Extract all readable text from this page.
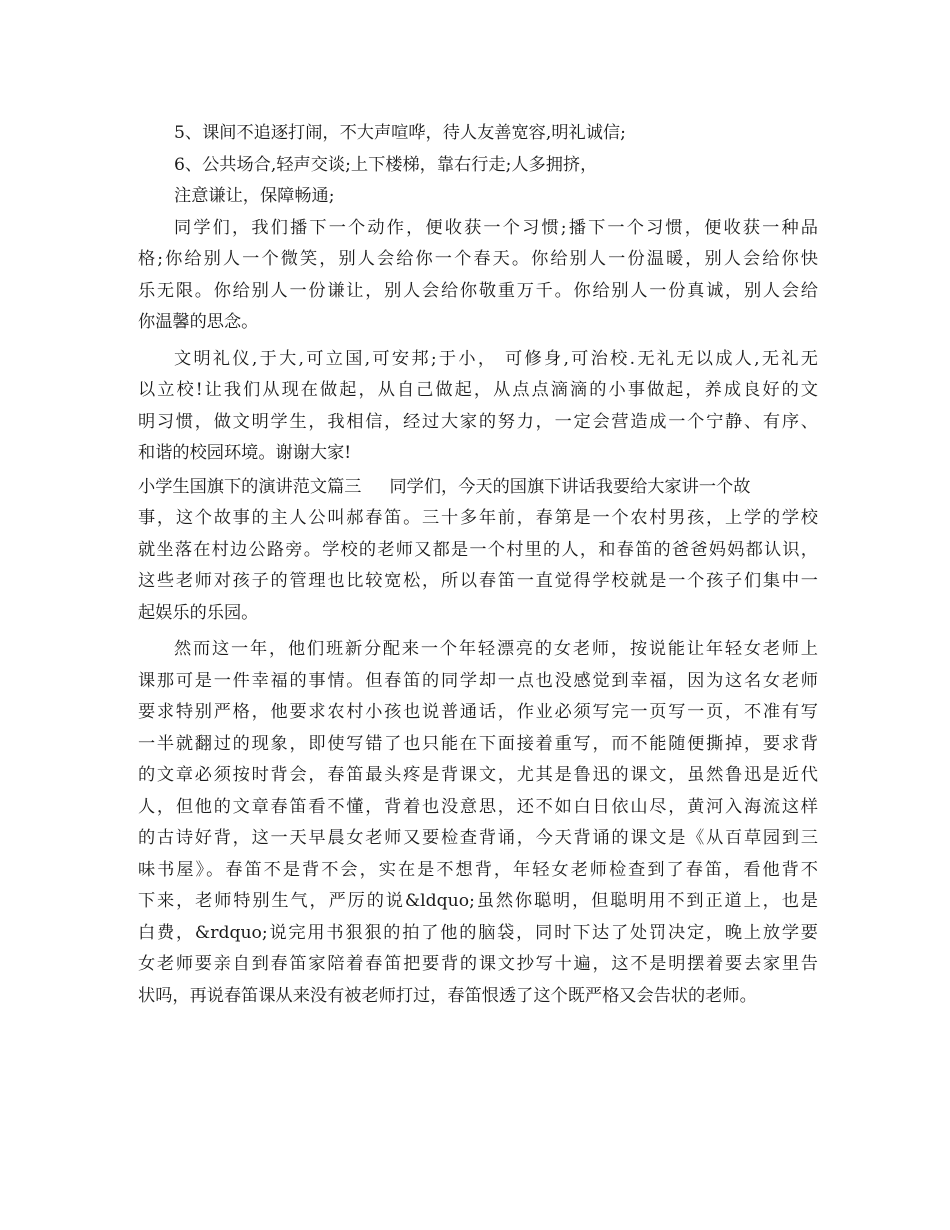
5、课间不追逐打闹，不大声喧哗，待人友善宽容,明礼诚信;
6、公共场合,轻声交谈;上下楼梯，靠右行走;人多拥挤，
注意谦让，保障畅通;
同学们，我们播下一个动作，便收获一个习惯;播下一个习惯，便收获一种品
格;你给别人一个微笑，别人会给你一个春天。你给别人一份温暖，别人会给你快
乐无限。你给别人一份谦让，别人会给你敬重万千。你给别人一份真诚，别人会给
你温馨的思念。
文明礼仪,于大,可立国,可安邦;于小， 可修身,可治校.无礼无以成人,无礼无
以立校!让我们从现在做起，从自己做起，从点点滴滴的小事做起，养成良好的文
明习惯，做文明学生，我相信，经过大家的努力，一定会营造成一个宁静、有序、
和谐的校园环境。谢谢大家!
小学生国旗下的演讲范文篇三 同学们，今天的国旗下讲话我要给大家讲一个故
事，这个故事的主人公叫郝春笛。三十多年前，春第是一个农村男孩，上学的学校
就坐落在村边公路旁。学校的老师又都是一个村里的人，和春笛的爸爸妈妈都认识，
这些老师对孩子的管理也比较宽松，所以春笛一直觉得学校就是一个孩子们集中一
起娱乐的乐园。
然而这一年，他们班新分配来一个年轻漂亮的女老师，按说能让年轻女老师上
课那可是一件幸福的事情。但春笛的同学却一点也没感觉到幸福，因为这名女老师
要求特别严格，他要求农村小孩也说普通话，作业必须写完一页写一页，不准有写
一半就翻过的现象，即使写错了也只能在下面接着重写，而不能随便撕掉，要求背
的文章必须按时背会，春笛最头疼是背课文，尤其是鲁迅的课文，虽然鲁迅是近代
人，但他的文章春笛看不懂，背着也没意思，还不如白日依山尽，黄河入海流这样
的古诗好背，这一天早晨女老师又要检查背诵，今天背诵的课文是《从百草园到三
味书屋》。春笛不是背不会，实在是不想背，年轻女老师检查到了春笛，看他背不
下来，老师特别生气，严厉的说&ldquo;虽然你聪明，但聪明用不到正道上，也是
白费，&rdquo;说完用书狠狠的拍了他的脑袋，同时下达了处罚决定，晚上放学要
女老师要亲自到春笛家陪着春笛把要背的课文抄写十遍，这不是明摆着要去家里告
状吗，再说春笛课从来没有被老师打过，春笛恨透了这个既严格又会告状的老师。
